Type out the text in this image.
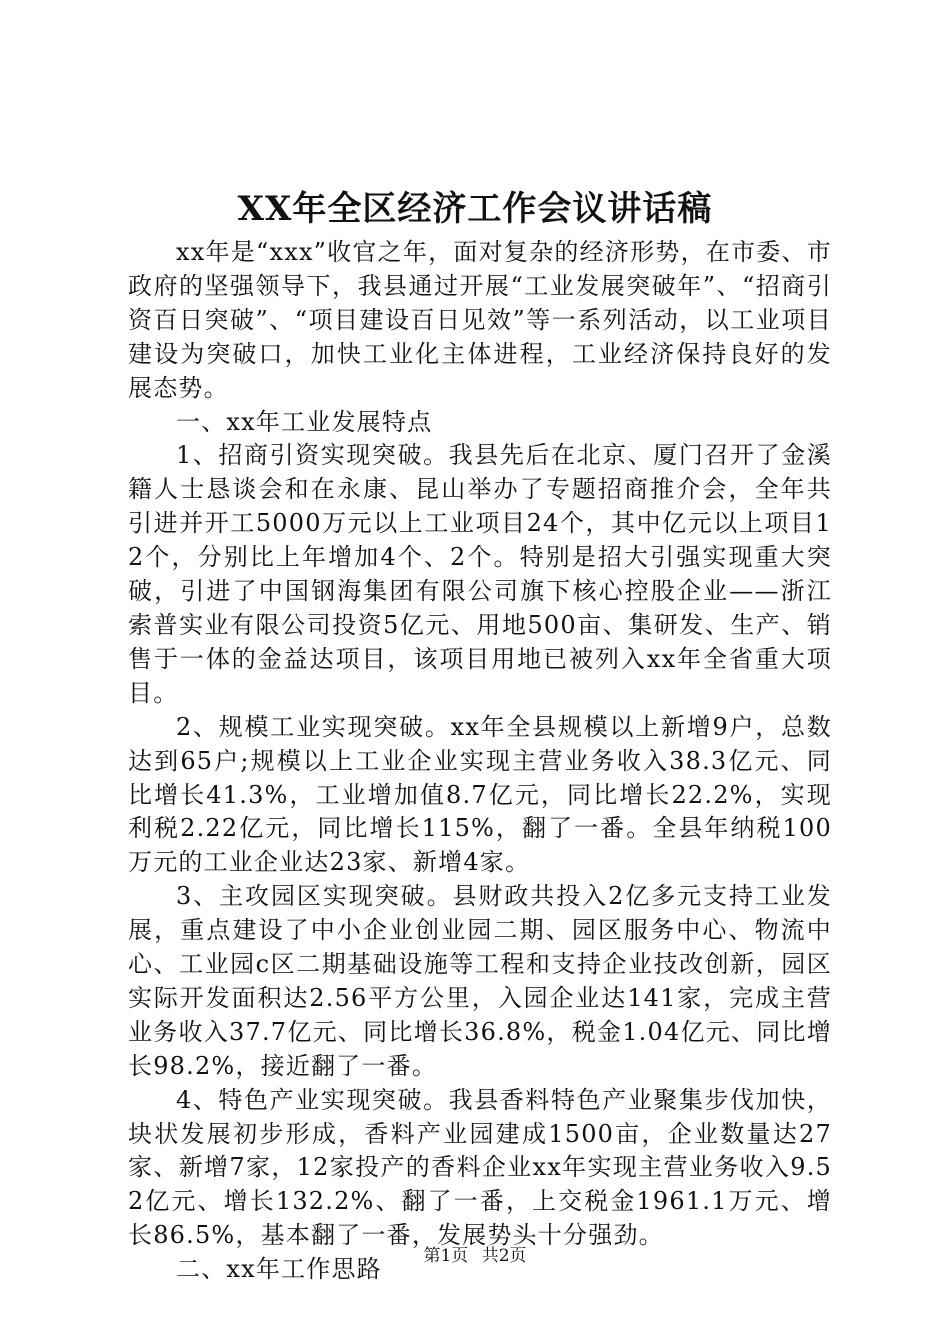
XX年全区经济工作会议讲话稿

xx年是“xxx”收官之年，面对复杂的经济形势，在市委、市政府的坚强领导下，我县通过开展“工业发展突破年”、“招商引资百日突破”、“项目建设百日见效”等一系列活动，以工业项目建设为突破口，加快工业化主体进程，工业经济保持良好的发展态势。

一、xx年工业发展特点

1、招商引资实现突破。我县先后在北京、厦门召开了金溪籍人士恳谈会和在永康、昆山举办了专题招商推介会，全年共引进并开工5000万元以上工业项目24个，其中亿元以上项目12个，分别比上年增加4个、2个。特别是招大引强实现重大突破，引进了中国钢海集团有限公司旗下核心控股企业——浙江索普实业有限公司投资5亿元、用地500亩、集研发、生产、销售于一体的金益达项目，该项目用地已被列入xx年全省重大项目。

2、规模工业实现突破。xx年全县规模以上新增9户，总数达到65户;规模以上工业企业实现主营业务收入38.3亿元、同比增长41.3%，工业增加值8.7亿元，同比增长22.2%，实现利税2.22亿元，同比增长115%，翻了一番。全县年纳税100万元的工业企业达23家、新增4家。

3、主攻园区实现突破。县财政共投入2亿多元支持工业发展，重点建设了中小企业创业园二期、园区服务中心、物流中心、工业园c区二期基础设施等工程和支持企业技改创新，园区实际开发面积达2.56平方公里，入园企业达141家，完成主营业务收入37.7亿元、同比增长36.8%，税金1.04亿元、同比增长98.2%，接近翻了一番。

4、特色产业实现突破。我县香料特色产业聚集步伐加快，块状发展初步形成，香料产业园建成1500亩，企业数量达27家、新增7家，12家投产的香料企业xx年实现主营业务收入9.52亿元、增长132.2%、翻了一番，上交税金1961.1万元、增长86.5%，基本翻了一番，发展势头十分强劲。

二、xx年工作思路	第1页 共2页
